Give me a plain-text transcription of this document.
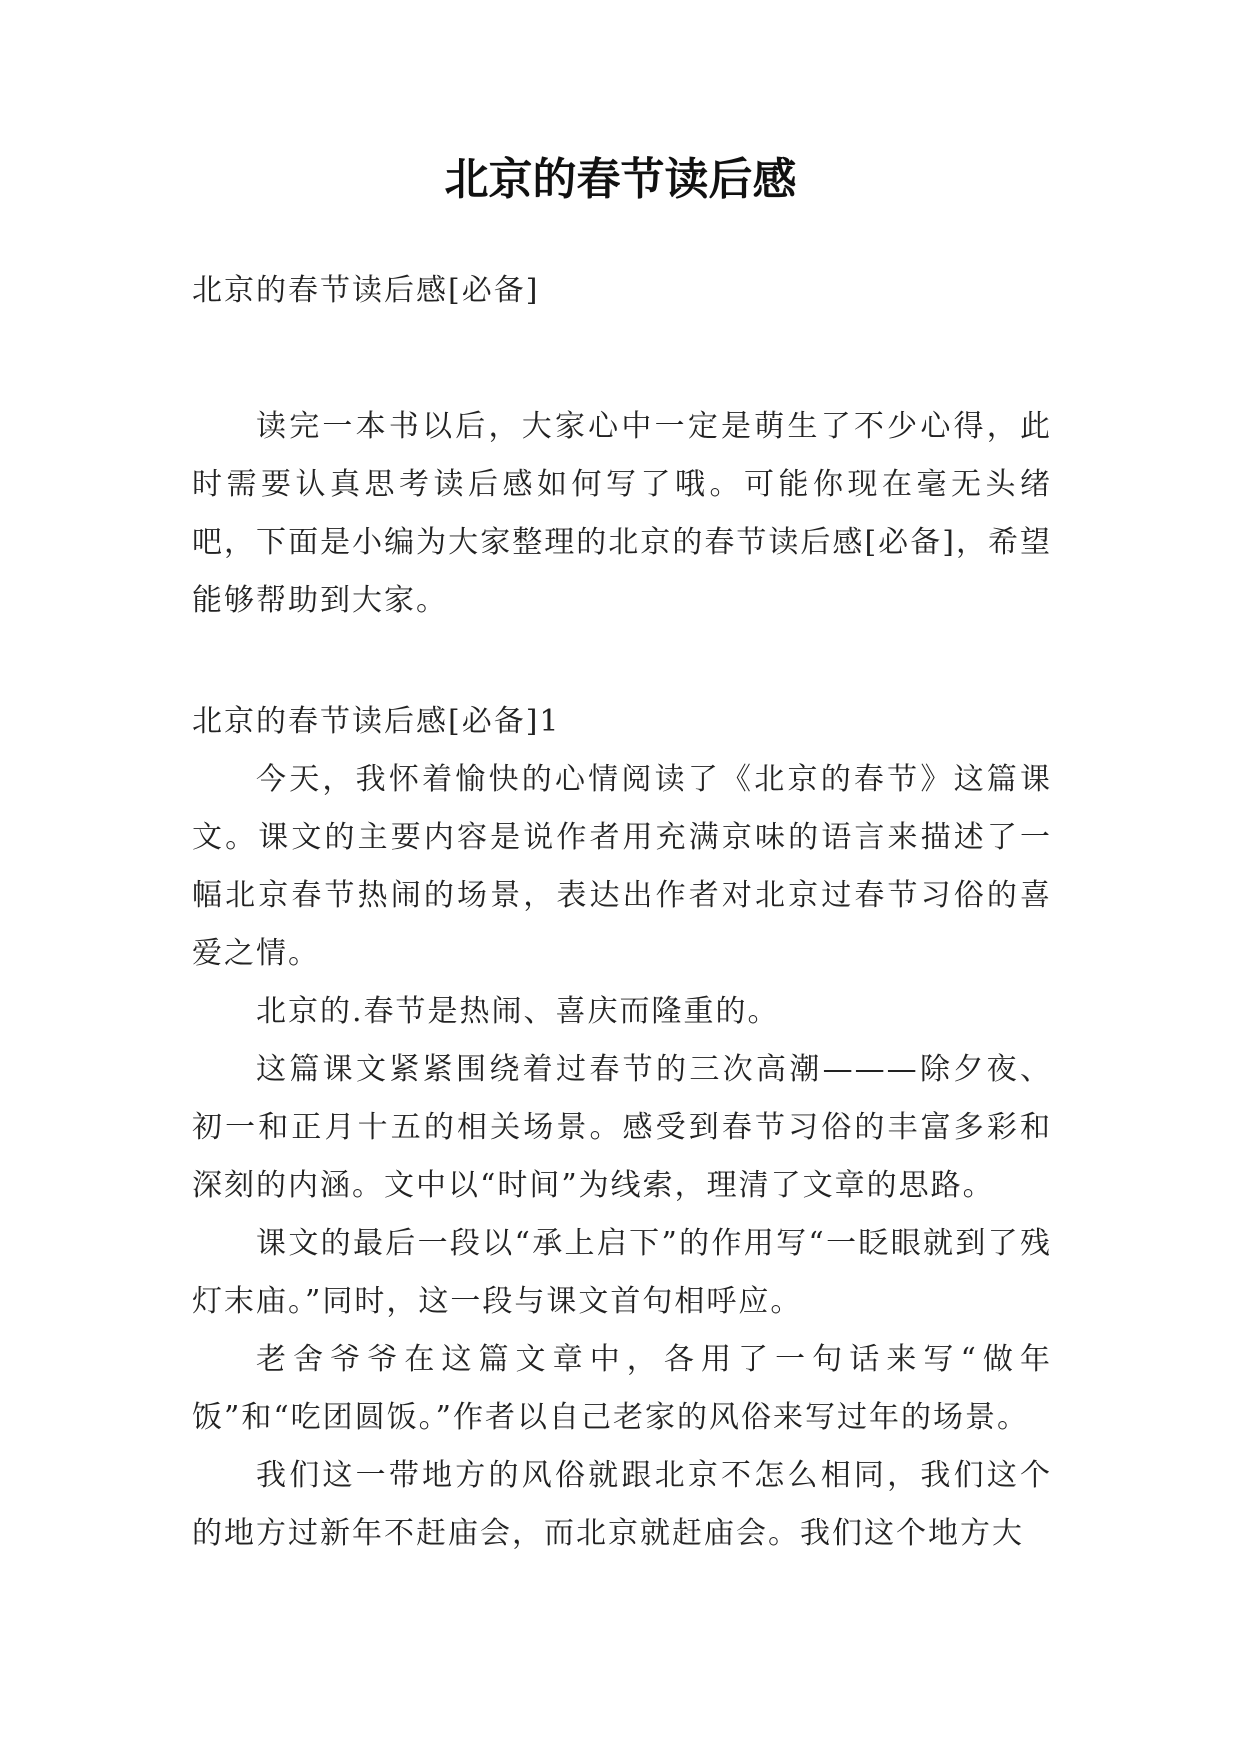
北京的春节读后感

北京的春节读后感[必备]

读完一本书以后，大家心中一定是萌生了不少心得，此时需要认真思考读后感如何写了哦。可能你现在毫无头绪吧，下面是小编为大家整理的北京的春节读后感[必备]，希望能够帮助到大家。

北京的春节读后感[必备]1

今天，我怀着愉快的心情阅读了《北京的春节》这篇课文。课文的主要内容是说作者用充满京味的语言来描述了一幅北京春节热闹的场景，表达出作者对北京过春节习俗的喜爱之情。

北京的.春节是热闹、喜庆而隆重的。

这篇课文紧紧围绕着过春节的三次高潮———除夕夜、初一和正月十五的相关场景。感受到春节习俗的丰富多彩和深刻的内涵。文中以“时间”为线索，理清了文章的思路。

课文的最后一段以“承上启下”的作用写“一眨眼就到了残灯末庙。”同时，这一段与课文首句相呼应。

老舍爷爷在这篇文章中，各用了一句话来写“做年饭”和“吃团圆饭。”作者以自己老家的风俗来写过年的场景。

我们这一带地方的风俗就跟北京不怎么相同，我们这个的地方过新年不赶庙会，而北京就赶庙会。我们这个地方大
